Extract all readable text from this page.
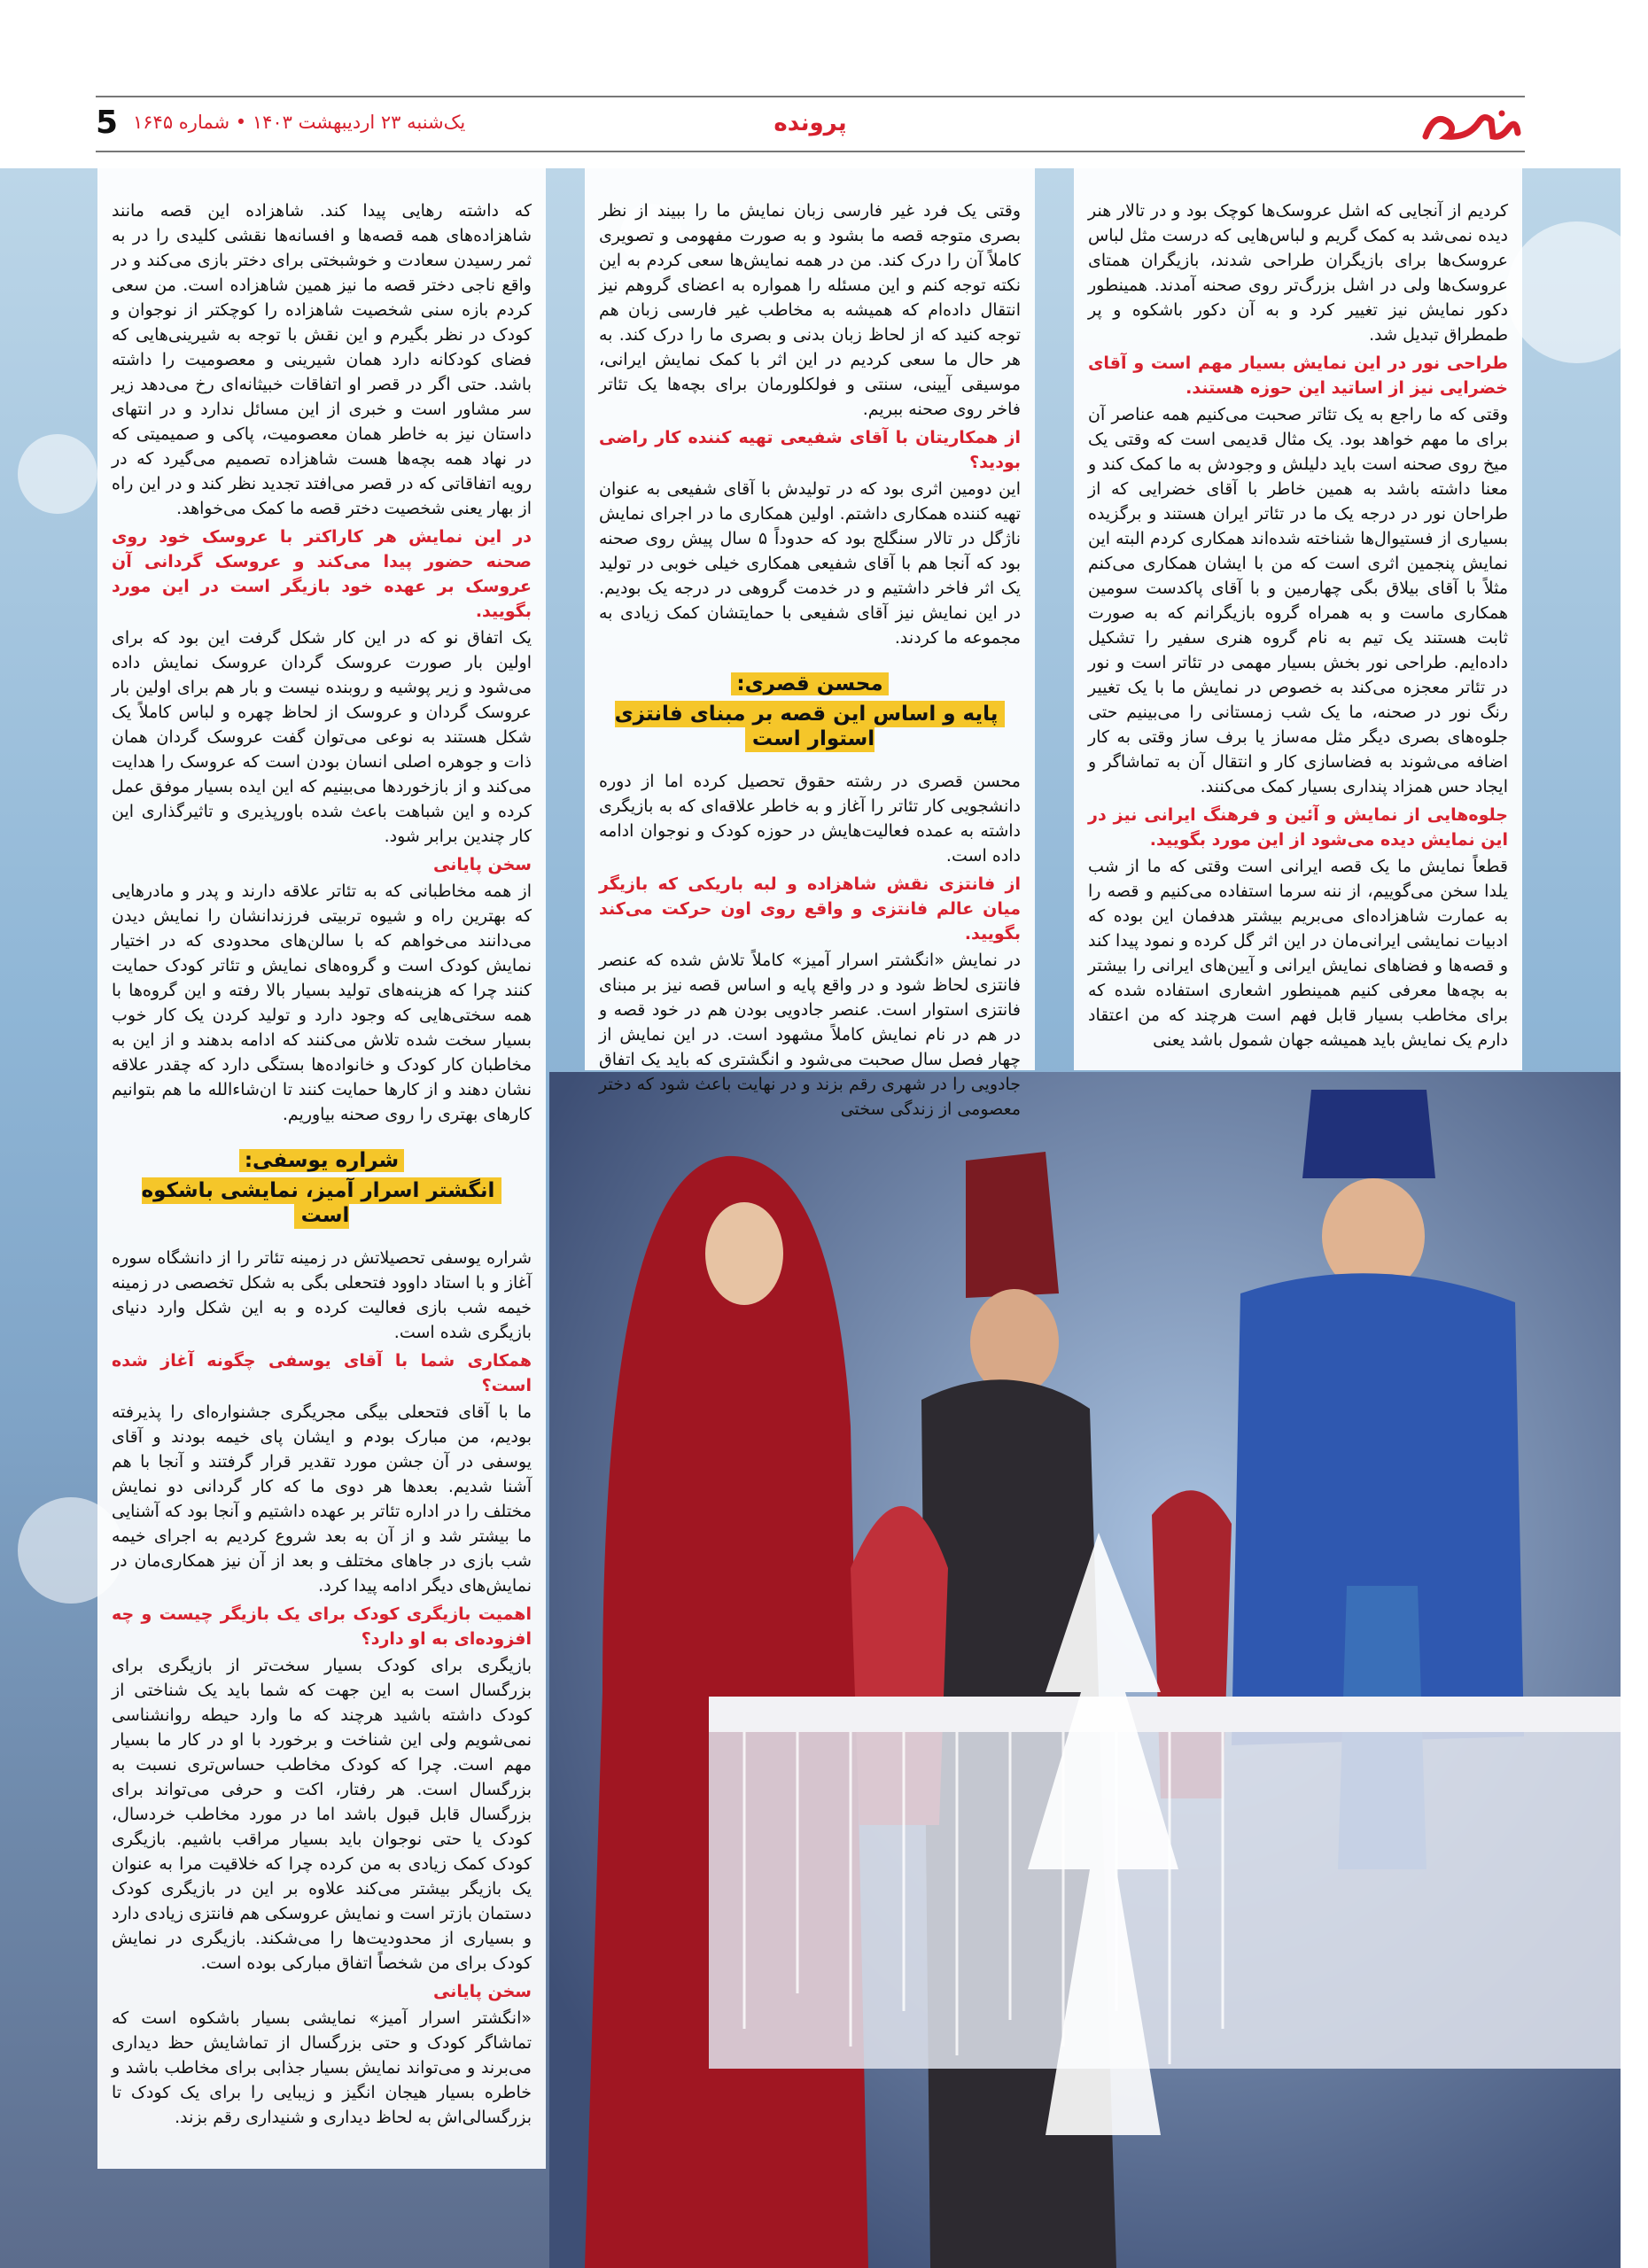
پرونده
5 یک‌شنبه ۲۳ اردیبهشت ۱۴۰۳ • شماره ۱۶۴۵

کردیم از آنجایی که اشل عروسک‌ها کوچک بود و در تالار هنر دیده نمی‌شد به کمک گریم و لباس‌هایی که درست مثل لباس عروسک‌ها برای بازیگران طراحی شدند، بازیگران همتای عروسک‌ها ولی در اشل بزرگ‌تر روی صحنه آمدند. همینطور دکور نمایش نیز تغییر کرد و به آن دکور باشکوه و پر طمطراق تبدیل شد.

طراحی نور در این نمایش بسیار مهم است و آقای خضرایی نیز از اساتید این حوزه هستند.

وقتی که ما راجع به یک تئاتر صحبت می‌کنیم همه عناصر آن برای ما مهم خواهد بود. یک مثال قدیمی است که وقتی یک میخ روی صحنه است باید دلیلش و وجودش به ما کمک کند و معنا داشته باشد به همین خاطر با آقای خضرایی که از طراحان نور در درجه یک ما در تئاتر ایران هستند و برگزیده بسیاری از فستیوال‌ها شناخته شده‌اند همکاری کردم البته این نمایش پنجمین اثری است که من با ایشان همکاری می‌کنم مثلاً با آقای بیلاق بگی چهارمین و با آقای پاکدست سومین همکاری ماست و به همراه گروه بازیگرانم که به صورت ثابت هستند یک تیم به نام گروه هنری سفیر را تشکیل داده‌ایم. طراحی نور بخش بسیار مهمی در تئاتر است و نور در تئاتر معجزه می‌کند به خصوص در نمایش ما با یک تغییر رنگ نور در صحنه، ما یک شب زمستانی را می‌بینیم حتی جلوه‌های بصری دیگر مثل مه‌ساز یا برف ساز وقتی به کار اضافه می‌شوند به فضاسازی کار و انتقال آن به تماشاگر و ایجاد حس همزاد پنداری بسیار کمک می‌کنند.

جلوه‌هایی از نمایش و آئین و فرهنگ ایرانی نیز در این نمایش دیده می‌شود از این مورد بگویید.

قطعاً نمایش ما یک قصه ایرانی است وقتی که ما از شب یلدا سخن می‌گوییم، از ننه سرما استفاده می‌کنیم و قصه را به عمارت شاهزاده‌ای می‌بریم بیشتر هدفمان این بوده که ادبیات نمایشی ایرانی‌مان در این اثر گل کرده و نمود پیدا کند و قصه‌ها و فضاهای نمایش ایرانی و آیین‌های ایرانی را بیشتر به بچه‌ها معرفی کنیم همینطور اشعاری استفاده شده که برای مخاطب بسیار قابل فهم است هرچند که من اعتقاد دارم یک نمایش باید همیشه جهان شمول باشد یعنی

وقتی یک فرد غیر فارسی زبان نمایش ما را ببیند از نظر بصری متوجه قصه ما بشود و به صورت مفهومی و تصویری کاملاً آن را درک کند. من در همه نمایش‌ها سعی کردم به این نکته توجه کنم و این مسئله را همواره به اعضای گروهم نیز انتقال داده‌ام که همیشه به مخاطب غیر فارسی زبان هم توجه کنید که از لحاظ زبان بدنی و بصری ما را درک کند. به هر حال ما سعی کردیم در این اثر با کمک نمایش ایرانی، موسیقی آیینی، سنتی و فولکلورمان برای بچه‌ها یک تئاتر فاخر روی صحنه ببریم.

از همکاریتان با آقای شفیعی تهیه کننده کار راضی بودید؟

این دومین اثری بود که در تولیدش با آقای شفیعی به عنوان تهیه کننده همکاری داشتم. اولین همکاری ما در اجرای نمایش ناژگل در تالار سنگلج بود که حدوداً ۵ سال پیش روی صحنه بود که آنجا هم با آقای شفیعی همکاری خیلی خوبی در تولید یک اثر فاخر داشتیم و در خدمت گروهی در درجه یک بودیم. در این نمایش نیز آقای شفیعی با حمایتشان کمک زیادی به مجموعه ما کردند.

محسن قصری:
پایه و اساس این قصه بر مبنای فانتزی استوار است

محسن قصری در رشته حقوق تحصیل کرده اما از دوره دانشجویی کار تئاتر را آغاز و به خاطر علاقه‌ای که به بازیگری داشته به عمده فعالیت‌هایش در حوزه کودک و نوجوان ادامه داده است.

از فانتزی نقش شاهزاده و لبه باریکی که بازیگر میان عالم فانتزی و واقع روی اون حرکت می‌کند بگویید.

در نمایش «انگشتر اسرار آمیز» کاملاً تلاش شده که عنصر فانتزی لحاظ شود و در واقع پایه و اساس قصه نیز بر مبنای فانتزی استوار است. عنصر جادویی بودن هم در خود قصه و در هم در نام نمایش کاملاً مشهود است. در این نمایش از چهار فصل سال صحبت می‌شود و انگشتری که باید یک اتفاق جادویی را در شهری رقم بزند و در نهایت باعث شود که دختر معصومی از زندگی سختی

که داشته رهایی پیدا کند. شاهزاده این قصه مانند شاهزاده‌های همه قصه‌ها و افسانه‌ها نقشی کلیدی را در به ثمر رسیدن سعادت و خوشبختی برای دختر بازی می‌کند و در واقع ناجی دختر قصه ما نیز همین شاهزاده است. من سعی کردم بازه سنی شخصیت شاهزاده را کوچکتر از نوجوان و کودک در نظر بگیرم و این نقش با توجه به شیرینی‌هایی که فضای کودکانه دارد همان شیرینی و معصومیت را داشته باشد. حتی اگر در قصر او اتفاقات خبیثانه‌ای رخ می‌دهد زیر سر مشاور است و خبری از این مسائل ندارد و در انتهای داستان نیز به خاطر همان معصومیت، پاکی و صمیمیتی که در نهاد همه بچه‌ها هست شاهزاده تصمیم می‌گیرد که در رویه اتفاقاتی که در قصر می‌افتد تجدید نظر کند و در این راه از بهار یعنی شخصیت دختر قصه ما کمک می‌خواهد.

در این نمایش هر کاراکتر با عروسک خود روی صحنه حضور پیدا می‌کند و عروسک گردانی آن عروسک بر عهده خود بازیگر است در این مورد بگویید.

یک اتفاق نو که در این کار شکل گرفت این بود که برای اولین بار صورت عروسک گردان عروسک نمایش داده می‌شود و زیر پوشیه و روبنده نیست و بار هم برای اولین بار عروسک گردان و عروسک از لحاظ چهره و لباس کاملاً یک شکل هستند به نوعی می‌توان گفت عروسک گردان همان ذات و جوهره اصلی انسان بودن است که عروسک را هدایت می‌کند و از بازخوردها می‌بینیم که این ایده بسیار موفق عمل کرده و این شباهت باعث شده باورپذیری و تاثیرگذاری این کار چندین برابر شود.

سخن پایانی

از همه مخاطبانی که به تئاتر علاقه دارند و پدر و مادرهایی که بهترین راه و شیوه تربیتی فرزندانشان را نمایش دیدن می‌دانند می‌خواهم که با سالن‌های محدودی که در اختیار نمایش کودک است و گروه‌های نمایش و تئاتر کودک حمایت کنند چرا که هزینه‌های تولید بسیار بالا رفته و این گروه‌ها با همه سختی‌هایی که وجود دارد و تولید کردن یک کار خوب بسیار سخت شده تلاش می‌کنند که ادامه بدهند و از این به مخاطبان کار کودک و خانواده‌ها بستگی دارد که چقدر علاقه نشان دهند و از کارها حمایت کنند تا ان‌شاءالله ما هم بتوانیم کارهای بهتری را روی صحنه بیاوریم.

شراره یوسفی:
انگشتر اسرار آمیز، نمایشی باشکوه است

شراره یوسفی تحصیلاتش در زمینه تئاتر را از دانشگاه سوره آغاز و با استاد داوود فتحعلی بگی به شکل تخصصی در زمینه خیمه شب بازی فعالیت کرده و به این شکل وارد دنیای بازیگری شده است.

همکاری شما با آقای یوسفی چگونه آغاز شده است؟

ما با آقای فتحعلی بیگی مجریگری جشنواره‌ای را پذیرفته بودیم، من مبارک بودم و ایشان پای خیمه بودند و آقای یوسفی در آن جشن مورد تقدیر قرار گرفتند و آنجا با هم آشنا شدیم. بعدها هر دوی ما که کار گردانی دو نمایش مختلف را در اداره تئاتر بر عهده داشتیم و آنجا بود که آشنایی ما بیشتر شد و از آن به بعد شروع کردیم به اجرای خیمه شب بازی در جاهای مختلف و بعد از آن نیز همکاری‌مان در نمایش‌های دیگر ادامه پیدا کرد.

اهمیت بازیگری کودک برای یک بازیگر چیست و چه افزوده‌ای به او دارد؟

بازیگری برای کودک بسیار سخت‌تر از بازیگری برای بزرگسال است به این جهت که شما باید یک شناختی از کودک داشته باشید هرچند که ما وارد حیطه روانشناسی نمی‌شویم ولی این شناخت و برخورد با او در کار ما بسیار مهم است. چرا که کودک مخاطب حساس‌تری نسبت به بزرگسال است. هر رفتار، اکت و حرفی می‌تواند برای بزرگسال قابل قبول باشد اما در مورد مخاطب خردسال، کودک یا حتی نوجوان باید بسیار مراقب باشیم. بازیگری کودک کمک زیادی به من کرده چرا که خلاقیت مرا به عنوان یک بازیگر بیشتر می‌کند علاوه بر این در بازیگری کودک دستمان بازتر است و نمایش عروسکی هم فانتزی زیادی دارد و بسیاری از محدودیت‌ها را می‌شکند. بازیگری در نمایش کودک برای من شخصاً اتفاق مبارکی بوده است.

سخن پایانی

«انگشتر اسرار آمیز» نمایشی بسیار باشکوه است که تماشاگر کودک و حتی بزرگسال از تماشایش حظ دیداری می‌برند و می‌تواند نمایش بسیار جذابی برای مخاطب باشد و خاطره بسیار هیجان انگیز و زیبایی را برای یک کودک تا بزرگسالی‌اش به لحاظ دیداری و شنیداری رقم بزند.
